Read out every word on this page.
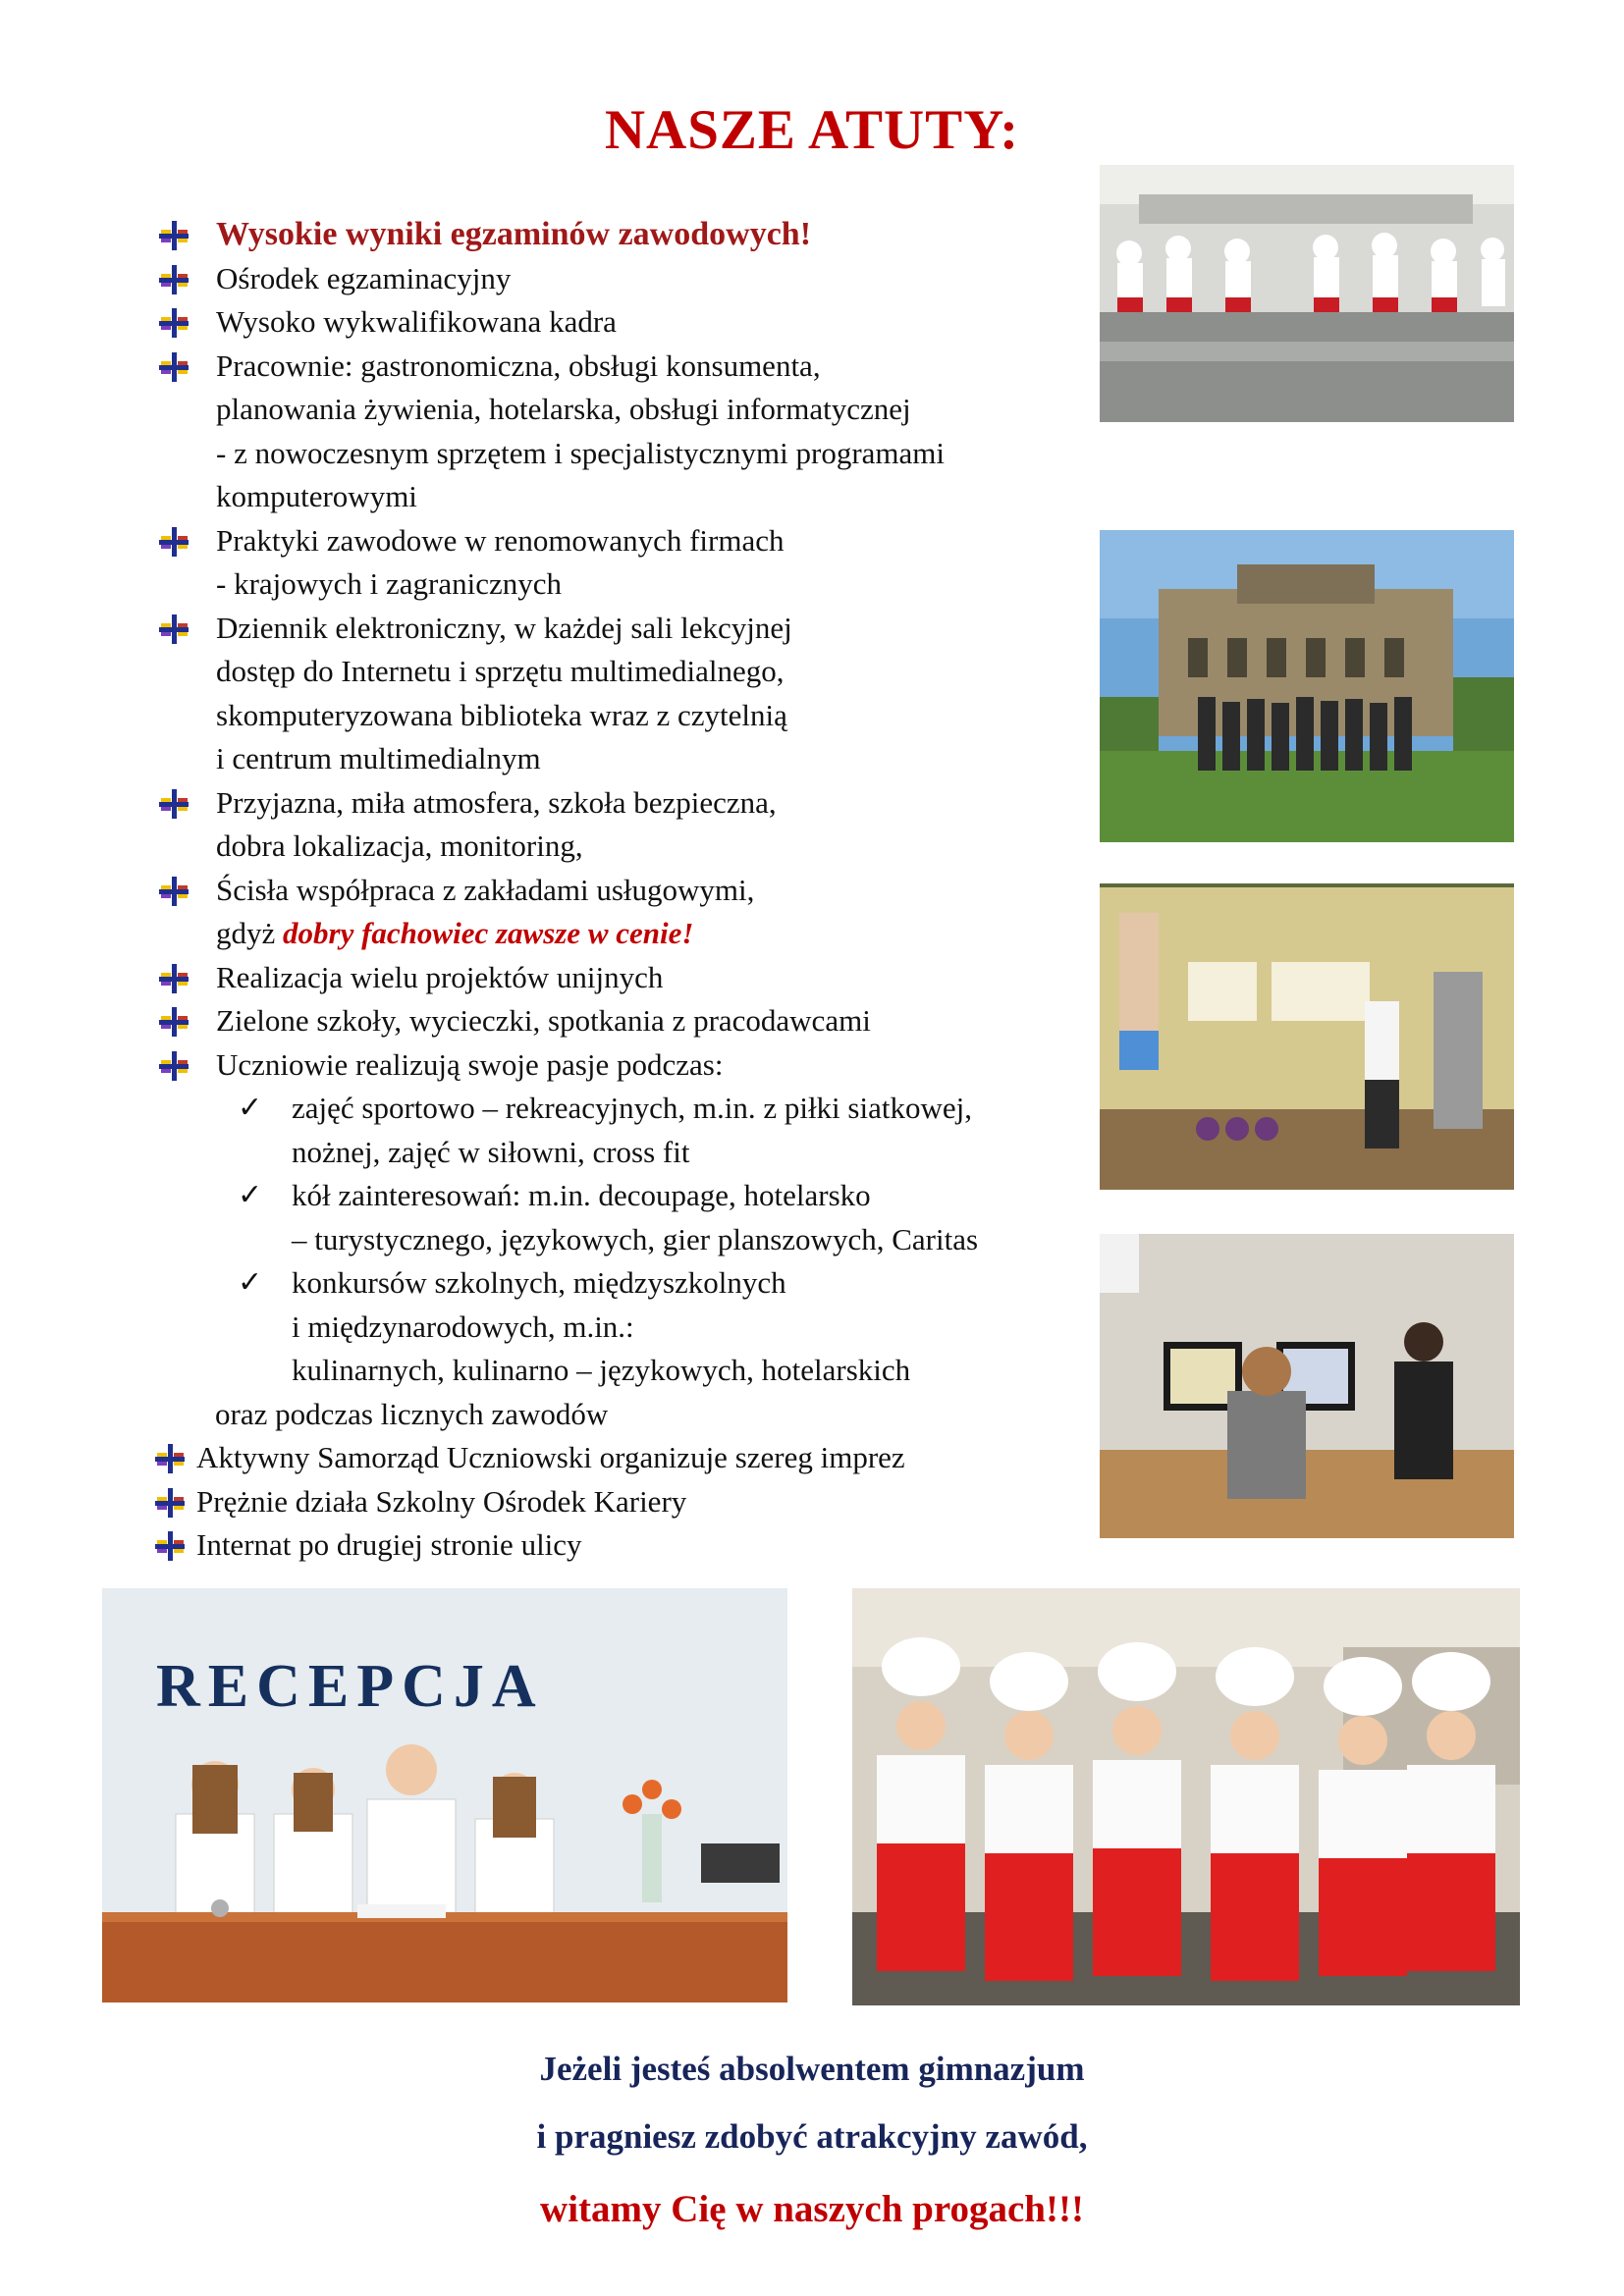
NASZE ATUTY:
Wysokie wyniki egzaminów zawodowych!
Ośrodek egzaminacyjny
Wysoko wykwalifikowana kadra
Pracownie: gastronomiczna, obsługi konsumenta,
planowania żywienia, hotelarska, obsługi informatycznej
- z nowoczesnym sprzętem i specjalistycznymi programami
komputerowymi
Praktyki zawodowe w renomowanych firmach
- krajowych i zagranicznych
Dziennik elektroniczny, w każdej sali lekcyjnej
dostęp do Internetu i sprzętu multimedialnego,
skomputeryzowana biblioteka wraz z czytelnią
i centrum multimedialnym
Przyjazna, miła atmosfera, szkoła bezpieczna,
dobra lokalizacja, monitoring,
Ścisła współpraca z zakładami usługowymi,
gdyż dobry fachowiec zawsze w cenie!
Realizacja wielu projektów unijnych
Zielone szkoły, wycieczki, spotkania z pracodawcami
Uczniowie realizują swoje pasje podczas:
✓ zajęć sportowo – rekreacyjnych, m.in. z piłki siatkowej,
nożnej, zajęć w siłowni, cross fit
✓ kół zainteresowań: m.in. decoupage, hotelarsko
– turystycznego, językowych, gier planszowych, Caritas
✓ konkursów szkolnych, międzyszkolnych
i międzynarodowych, m.in.:
kulinarnych, kulinarno – językowych, hotelarskich
oraz podczas licznych zawodów
Aktywny Samorząd Uczniowski organizuje szereg imprez
Prężnie działa Szkolny Ośrodek Kariery
Internat po drugiej stronie ulicy
RECEPCJA
Jeżeli jesteś absolwentem gimnazjum
i pragniesz zdobyć atrakcyjny zawód,
witamy Cię w naszych progach!!!
